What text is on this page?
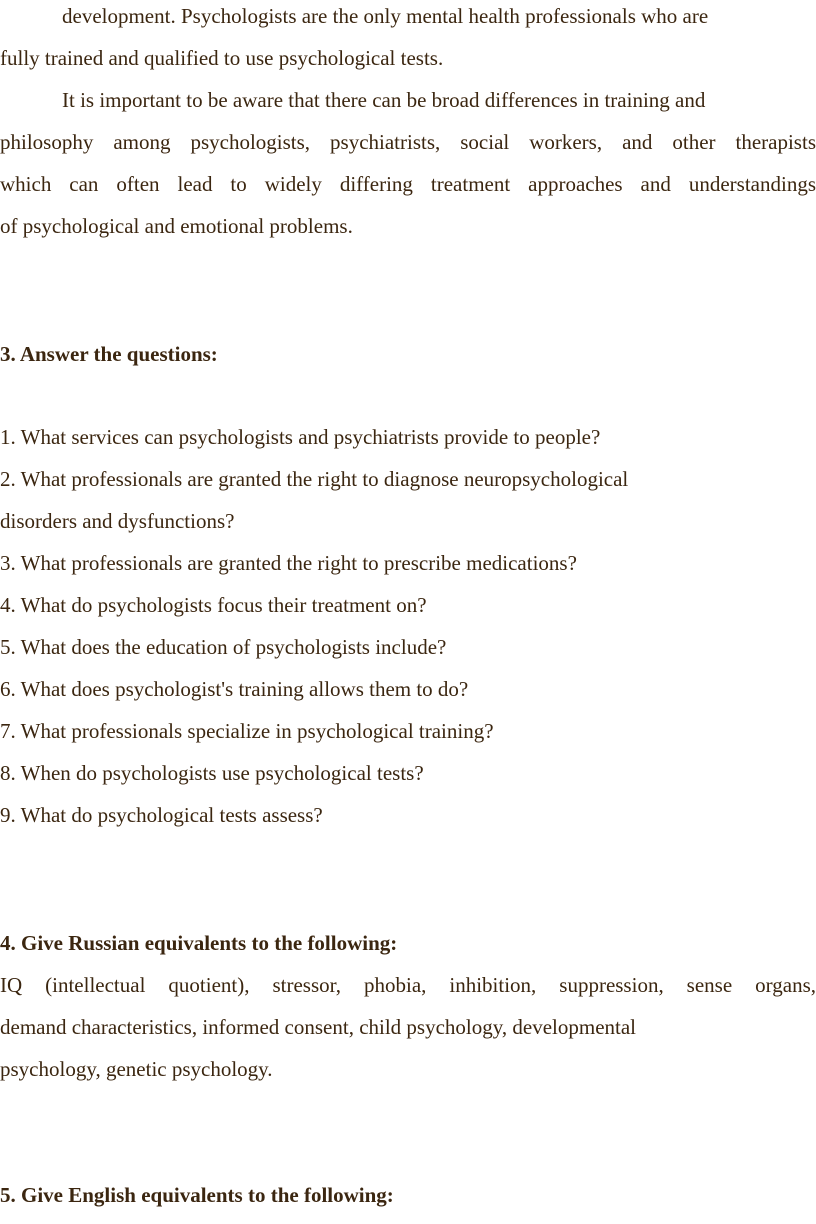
development. Psychologists are the only mental health professionals who are
fully trained and qualified to use psychological tests.
It is important to be aware that there can be broad differences in training and
philosophy among psychologists, psychiatrists, social workers, and other therapists
which can often lead to widely differing treatment approaches and understandings
of psychological and emotional problems.
3. Answer the questions:
1. What services can psychologists and psychiatrists provide to people?
2. What professionals are granted the right to diagnose neuropsychological
disorders and dysfunctions?
3. What professionals are granted the right to prescribe medications?
4. What do psychologists focus their treatment on?
5. What does the education of psychologists include?
6. What does psychologist's training allows them to do?
7. What professionals specialize in psychological training?
8. When do psychologists use psychological tests?
9. What do psychological tests assess?
4. Give Russian equivalents to the following:
IQ (intellectual quotient), stressor, phobia, inhibition, suppression, sense organs,
demand characteristics, informed consent, child psychology, developmental
psychology, genetic psychology.
5. Give English equivalents to the following:
